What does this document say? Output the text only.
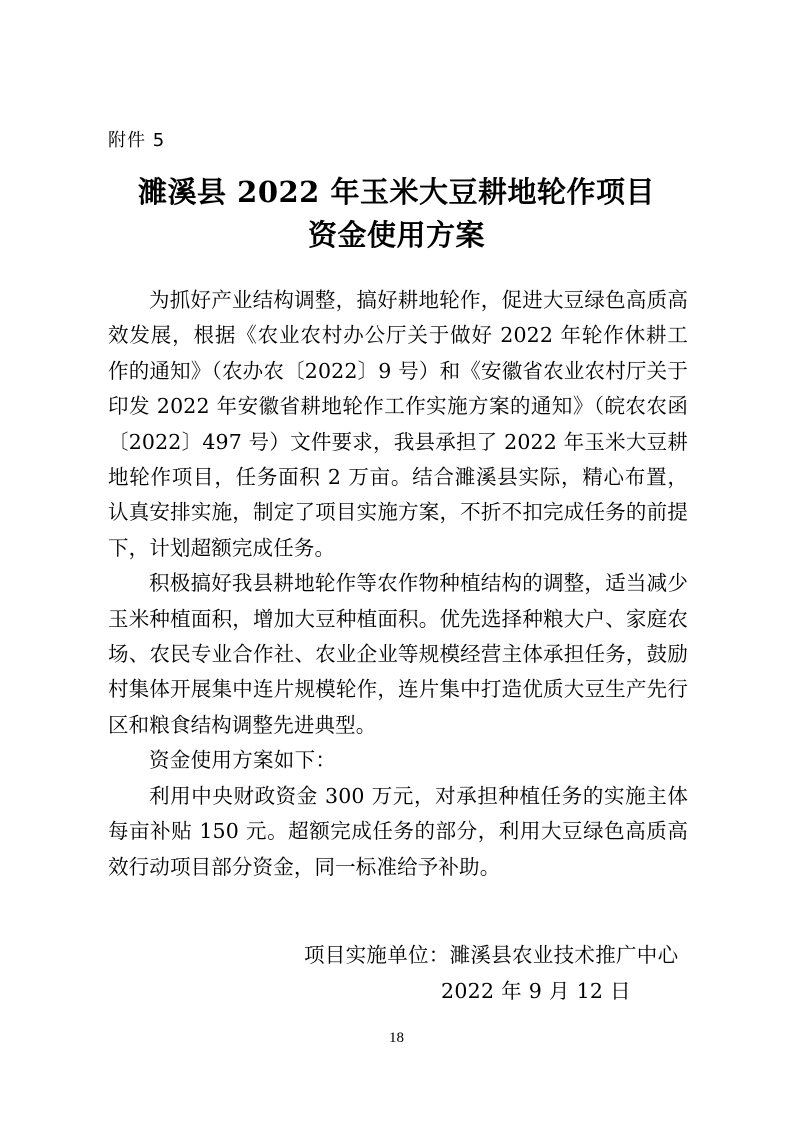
附件 5
濉溪县 2022 年玉米大豆耕地轮作项目
资金使用方案

为抓好产业结构调整，搞好耕地轮作，促进大豆绿色高质高效发展，根据《农业农村办公厅关于做好 2022 年轮作休耕工作的通知》（农办农〔2022〕9 号）和《安徽省农业农村厅关于印发 2022 年安徽省耕地轮作工作实施方案的通知》（皖农农函〔2022〕497 号）文件要求，我县承担了 2022 年玉米大豆耕地轮作项目，任务面积 2 万亩。结合濉溪县实际，精心布置，认真安排实施，制定了项目实施方案，不折不扣完成任务的前提下，计划超额完成任务。

积极搞好我县耕地轮作等农作物种植结构的调整，适当减少玉米种植面积，增加大豆种植面积。优先选择种粮大户、家庭农场、农民专业合作社、农业企业等规模经营主体承担任务，鼓励村集体开展集中连片规模轮作，连片集中打造优质大豆生产先行区和粮食结构调整先进典型。

资金使用方案如下：

利用中央财政资金 300 万元，对承担种植任务的实施主体每亩补贴 150 元。超额完成任务的部分，利用大豆绿色高质高效行动项目部分资金，同一标准给予补助。

项目实施单位：濉溪县农业技术推广中心
2022 年 9 月 12 日
18
